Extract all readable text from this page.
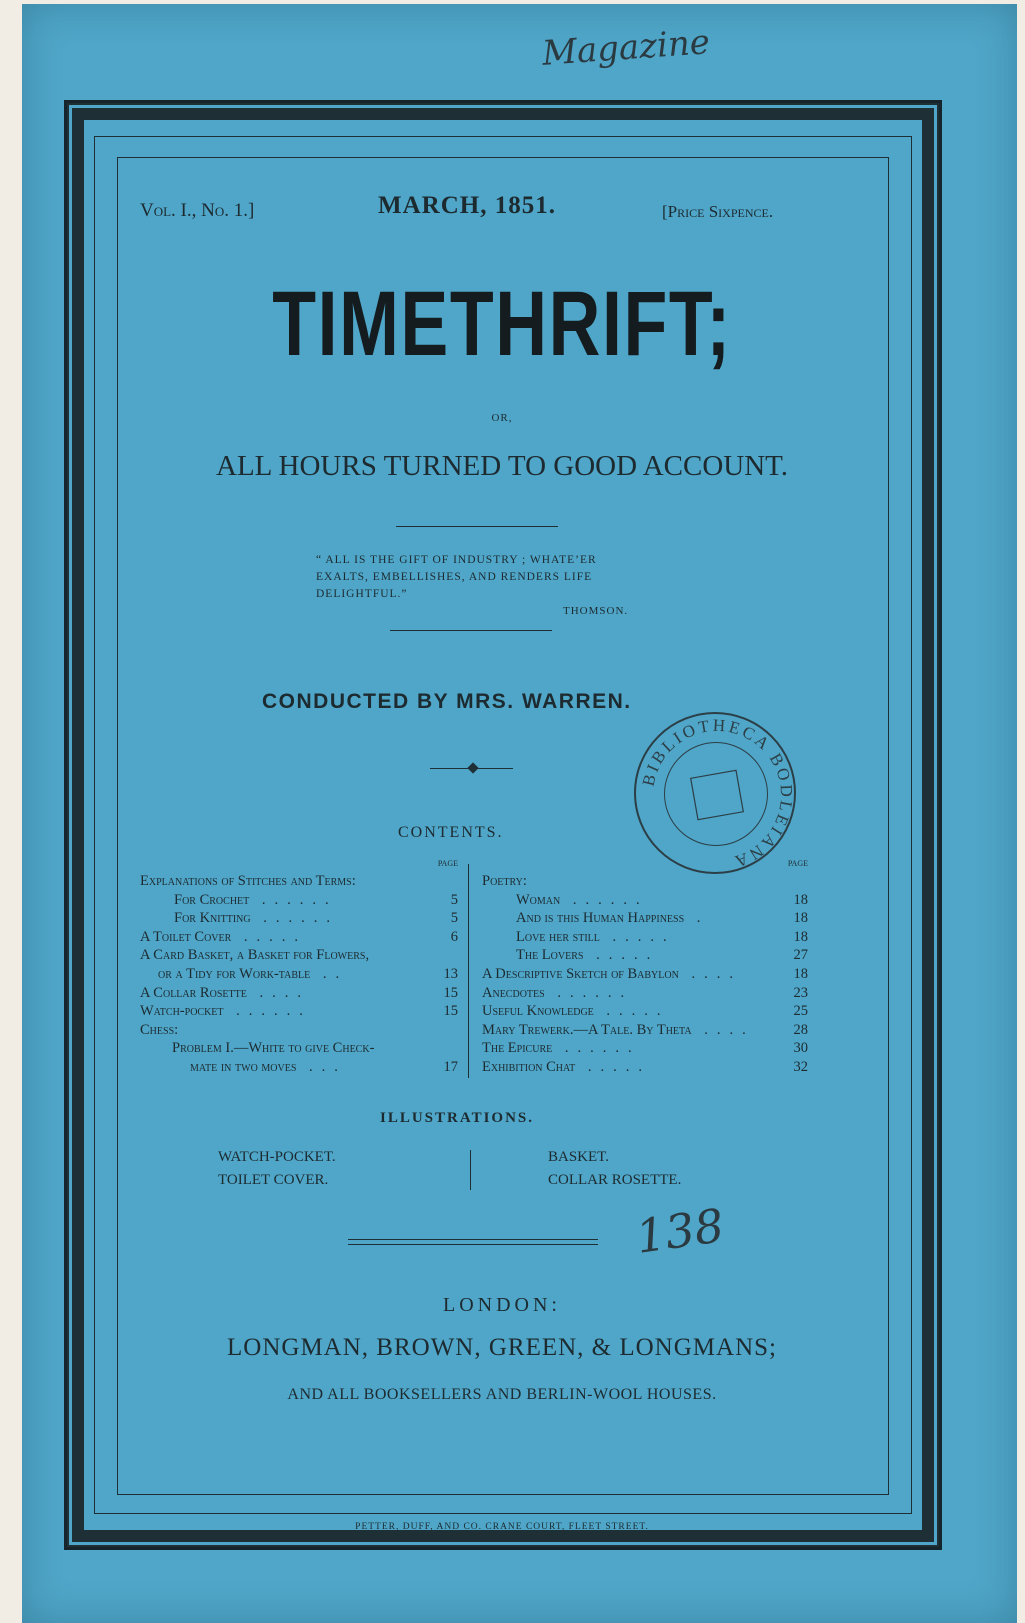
Magazine
Vol. I., No. 1.]	MARCH, 1851.	[Price Sixpence.
TIMETHRIFT;
OR,
ALL HOURS TURNED TO GOOD ACCOUNT.
“ ALL IS THE GIFT OF INDUSTRY ; WHATE’ER
EXALTS, EMBELLISHES, AND RENDERS LIFE
DELIGHTFUL.”
THOMSON.
CONDUCTED BY MRS. WARREN.
BIBLIOTHECA BODLEIANA
CONTENTS.
PAGE
Explanations of Stitches and Terms:
For Crochet ......	5
For Knitting ......	5
A Toilet Cover .....	6
A Card Basket, a Basket for Flowers,
or a Tidy for Work-table ..	13
A Collar Rosette ....	15
Watch-pocket ......	15
Chess:
Problem I.—White to give Check-
mate in two moves ...	17
PAGE
Poetry:
Woman ......	18
And is this Human Happiness .	18
Love her still .....	18
The Lovers .....	27
A Descriptive Sketch of Babylon ....	18
Anecdotes ......	23
Useful Knowledge .....	25
Mary Trewerk.—A Tale. By Theta ....	28
The Epicure ......	30
Exhibition Chat .....	32
ILLUSTRATIONS.
WATCH-POCKET.
TOILET COVER.
BASKET.
COLLAR ROSETTE.
138
LONDON:
LONGMAN, BROWN, GREEN, & LONGMANS;
AND ALL BOOKSELLERS AND BERLIN-WOOL HOUSES.
PETTER, DUFF, AND CO. CRANE COURT, FLEET STREET.
